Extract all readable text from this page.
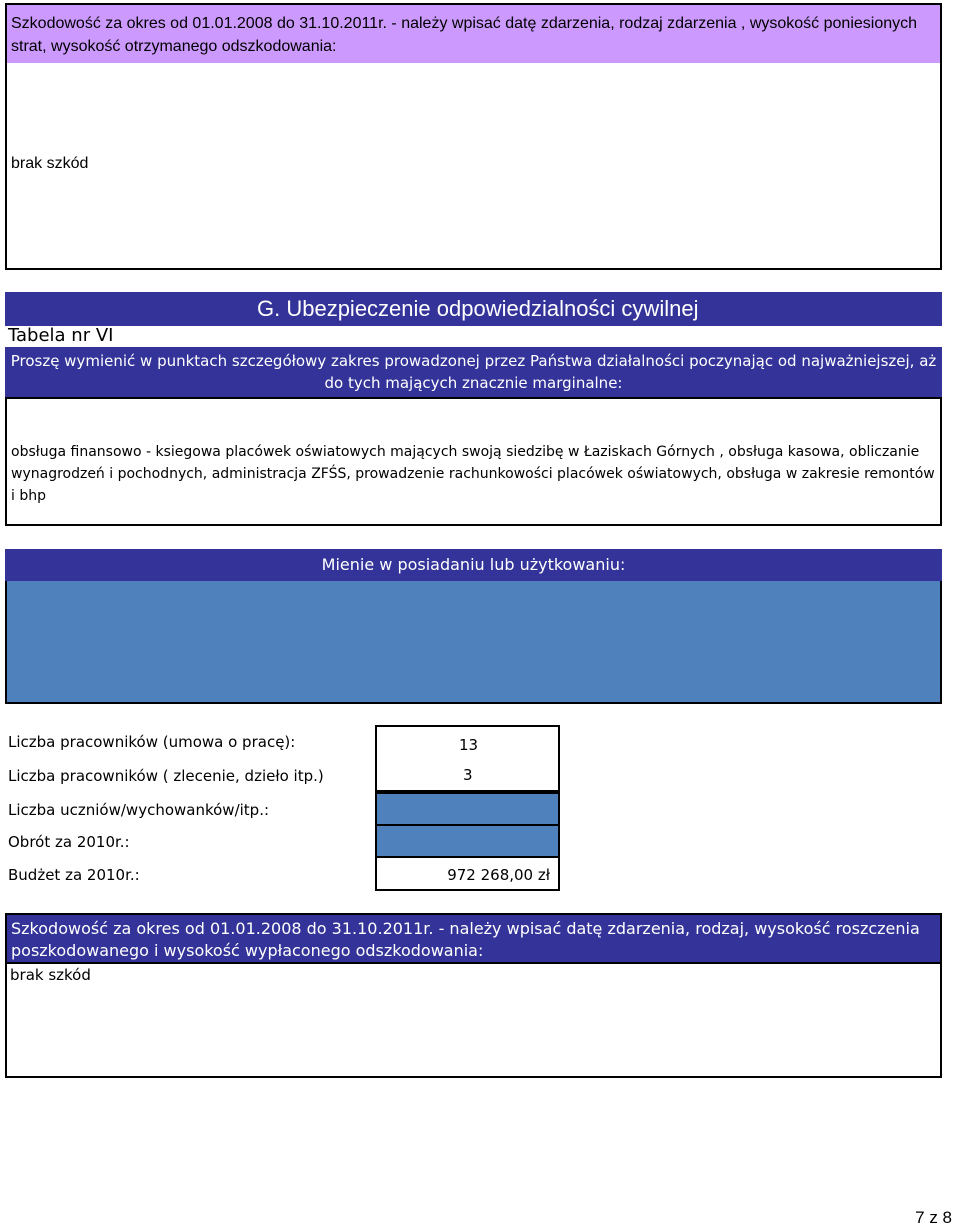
Szkodowość za okres od 01.01.2008 do 31.10.2011r. - należy wpisać datę zdarzenia, rodzaj zdarzenia , wysokość poniesionych strat, wysokość otrzymanego odszkodowania:
brak szkód
G. Ubezpieczenie odpowiedzialności cywilnej
Tabela nr VI
Proszę wymienić w punktach szczegółowy zakres prowadzonej przez Państwa działalności poczynając od najważniejszej, aż do tych mających znacznie marginalne:
obsługa finansowo - ksiegowa placówek oświatowych mających swoją siedzibę w Łaziskach Górnych , obsługa kasowa, obliczanie wynagrodzeń i pochodnych, administracja ZFŚS, prowadzenie rachunkowości placówek oświatowych, obsługa w zakresie remontów i bhp
Mienie w posiadaniu lub użytkowaniu:
Liczba pracowników (umowa o pracę):
Liczba pracowników ( zlecenie, dzieło itp.)
Liczba uczniów/wychowanków/itp.:
Obrót za 2010r.:
Budżet za 2010r.:
13
3
972 268,00 zł
Szkodowość za okres od 01.01.2008 do 31.10.2011r. - należy wpisać datę zdarzenia, rodzaj, wysokość roszczenia poszkodowanego i wysokość wypłaconego odszkodowania:
brak szkód
7 z 8
